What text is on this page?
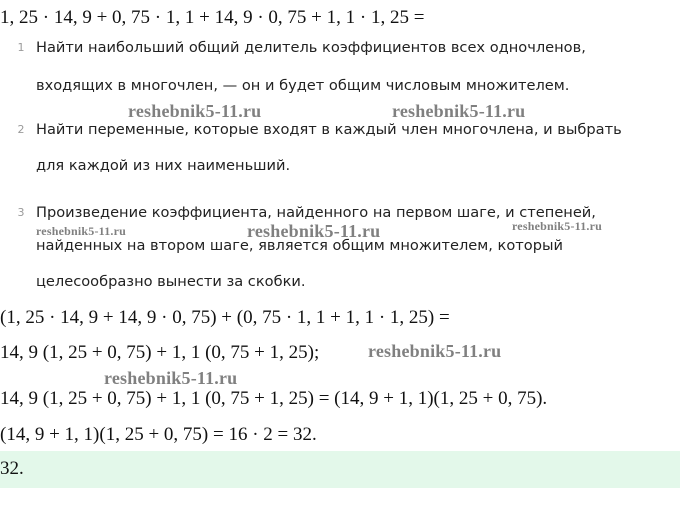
1, 25 · 14, 9 + 0, 75 · 1, 1 + 14, 9 · 0, 75 + 1, 1 · 1, 25 =
1 Найти наибольший общий делитель коэффициентов всех одночленов,
входящих в многочлен, — он и будет общим числовым множителем.
2 Найти переменные, которые входят в каждый член многочлена, и выбрать
для каждой из них наименьший.
3 Произведение коэффициента, найденного на первом шаге, и степеней,
найденных на втором шаге, является общим множителем, который
целесообразно вынести за скобки.
(1, 25 · 14, 9 + 14, 9 · 0, 75) + (0, 75 · 1, 1 + 1, 1 · 1, 25) =
14, 9 (1, 25 + 0, 75) + 1, 1 (0, 75 + 1, 25);
14, 9 (1, 25 + 0, 75) + 1, 1 (0, 75 + 1, 25) = (14, 9 + 1, 1)(1, 25 + 0, 75).
(14, 9 + 1, 1)(1, 25 + 0, 75) = 16 · 2 = 32.
32.
reshebnik5-11.ru	reshebnik5-11.ru
reshebnik5-11.ru	reshebnik5-11.ru	reshebnik5-11.ru
reshebnik5-11.ru
reshebnik5-11.ru
